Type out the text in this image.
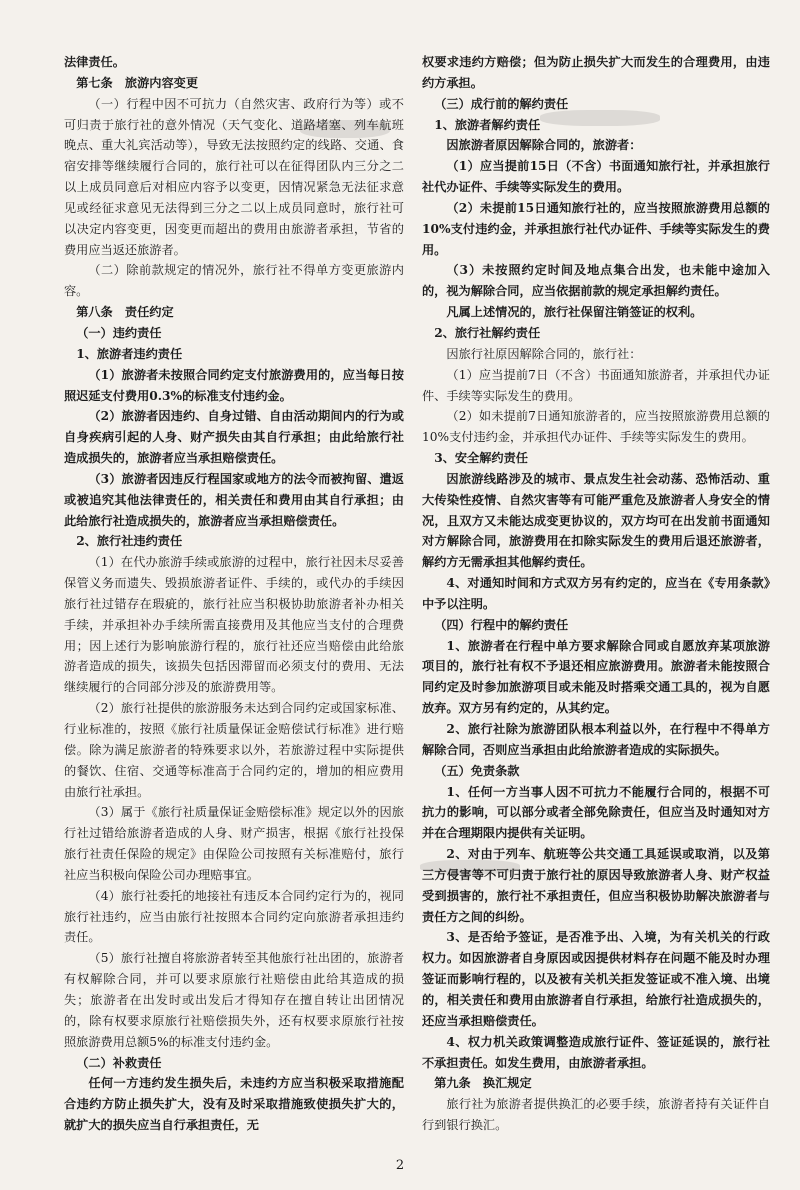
法律责任。

第七条　旅游内容变更

（一）行程中因不可抗力（自然灾害、政府行为等）或不可归责于旅行社的意外情况（天气变化、道路堵塞、列车航班晚点、重大礼宾活动等），导致无法按照约定的线路、交通、食宿安排等继续履行合同的，旅行社可以在征得团队内三分之二以上成员同意后对相应内容予以变更，因情况紧急无法征求意见或经征求意见无法得到三分之二以上成员同意时，旅行社可以决定内容变更，因变更而超出的费用由旅游者承担，节省的费用应当返还旅游者。

（二）除前款规定的情况外，旅行社不得单方变更旅游内容。

第八条　责任约定

（一）违约责任

1、旅游者违约责任

（1）旅游者未按照合同约定支付旅游费用的，应当每日按照迟延支付费用0.3%的标准支付违约金。

（2）旅游者因违约、自身过错、自由活动期间内的行为或自身疾病引起的人身、财产损失由其自行承担；由此给旅行社造成损失的，旅游者应当承担赔偿责任。

（3）旅游者因违反行程国家或地方的法令而被拘留、遣返或被追究其他法律责任的，相关责任和费用由其自行承担；由此给旅行社造成损失的，旅游者应当承担赔偿责任。

2、旅行社违约责任

（1）在代办旅游手续或旅游的过程中，旅行社因未尽妥善保管义务而遗失、毁损旅游者证件、手续的，或代办的手续因旅行社过错存在瑕疵的，旅行社应当积极协助旅游者补办相关手续，并承担补办手续所需直接费用及其他应当支付的合理费用；因上述行为影响旅游行程的，旅行社还应当赔偿由此给旅游者造成的损失，该损失包括因滞留而必须支付的费用、无法继续履行的合同部分涉及的旅游费用等。

（2）旅行社提供的旅游服务未达到合同约定或国家标准、行业标准的，按照《旅行社质量保证金赔偿试行标准》进行赔偿。除为满足旅游者的特殊要求以外，若旅游过程中实际提供的餐饮、住宿、交通等标准高于合同约定的，增加的相应费用由旅行社承担。

（3）属于《旅行社质量保证金赔偿标准》规定以外的因旅行社过错给旅游者造成的人身、财产损害，根据《旅行社投保旅行社责任保险的规定》由保险公司按照有关标准赔付，旅行社应当积极向保险公司办理赔事宜。

（4）旅行社委托的地接社有违反本合同约定行为的，视同旅行社违约，应当由旅行社按照本合同约定向旅游者承担违约责任。

（5）旅行社擅自将旅游者转至其他旅行社出团的，旅游者有权解除合同，并可以要求原旅行社赔偿由此给其造成的损失；旅游者在出发时或出发后才得知存在擅自转让出团情况的，除有权要求原旅行社赔偿损失外，还有权要求原旅行社按照旅游费用总额5%的标准支付违约金。

（二）补救责任

任何一方违约发生损失后，未违约方应当积极采取措施配合违约方防止损失扩大，没有及时采取措施致使损失扩大的，就扩大的损失应当自行承担责任，无

权要求违约方赔偿；但为防止损失扩大而发生的合理费用，由违约方承担。

（三）成行前的解约责任

1、旅游者解约责任

因旅游者原因解除合同的，旅游者：

（1）应当提前15日（不含）书面通知旅行社，并承担旅行社代办证件、手续等实际发生的费用。

（2）未提前15日通知旅行社的，应当按照旅游费用总额的10%支付违约金，并承担旅行社代办证件、手续等实际发生的费用。

（3）未按照约定时间及地点集合出发，也未能中途加入的，视为解除合同，应当依据前款的规定承担解约责任。

凡属上述情况的，旅行社保留注销签证的权利。

2、旅行社解约责任

因旅行社原因解除合同的，旅行社：

（1）应当提前7日（不含）书面通知旅游者，并承担代办证件、手续等实际发生的费用。

（2）如未提前7日通知旅游者的，应当按照旅游费用总额的10%支付违约金，并承担代办证件、手续等实际发生的费用。

3、安全解约责任

因旅游线路涉及的城市、景点发生社会动荡、恐怖活动、重大传染性疫情、自然灾害等有可能严重危及旅游者人身安全的情况，且双方又未能达成变更协议的，双方均可在出发前书面通知对方解除合同，旅游费用在扣除实际发生的费用后退还旅游者，解约方无需承担其他解约责任。

4、对通知时间和方式双方另有约定的，应当在《专用条款》中予以注明。

（四）行程中的解约责任

1、旅游者在行程中单方要求解除合同或自愿放弃某项旅游项目的，旅行社有权不予退还相应旅游费用。旅游者未能按照合同约定及时参加旅游项目或未能及时搭乘交通工具的，视为自愿放弃。双方另有约定的，从其约定。

2、旅行社除为旅游团队根本利益以外，在行程中不得单方解除合同，否则应当承担由此给旅游者造成的实际损失。

（五）免责条款

1、任何一方当事人因不可抗力不能履行合同的，根据不可抗力的影响，可以部分或者全部免除责任，但应当及时通知对方并在合理期限内提供有关证明。

2、对由于列车、航班等公共交通工具延误或取消，以及第三方侵害等不可归责于旅行社的原因导致旅游者人身、财产权益受到损害的，旅行社不承担责任，但应当积极协助解决旅游者与责任方之间的纠纷。

3、是否给予签证，是否准予出、入境，为有关机关的行政权力。如因旅游者自身原因或因提供材料存在问题不能及时办理签证而影响行程的，以及被有关机关拒发签证或不准入境、出境的，相关责任和费用由旅游者自行承担，给旅行社造成损失的，还应当承担赔偿责任。

4、权力机关政策调整造成旅行证件、签证延误的，旅行社不承担责任。如发生费用，由旅游者承担。

第九条　换汇规定

旅行社为旅游者提供换汇的必要手续，旅游者持有关证件自行到银行换汇。

2
